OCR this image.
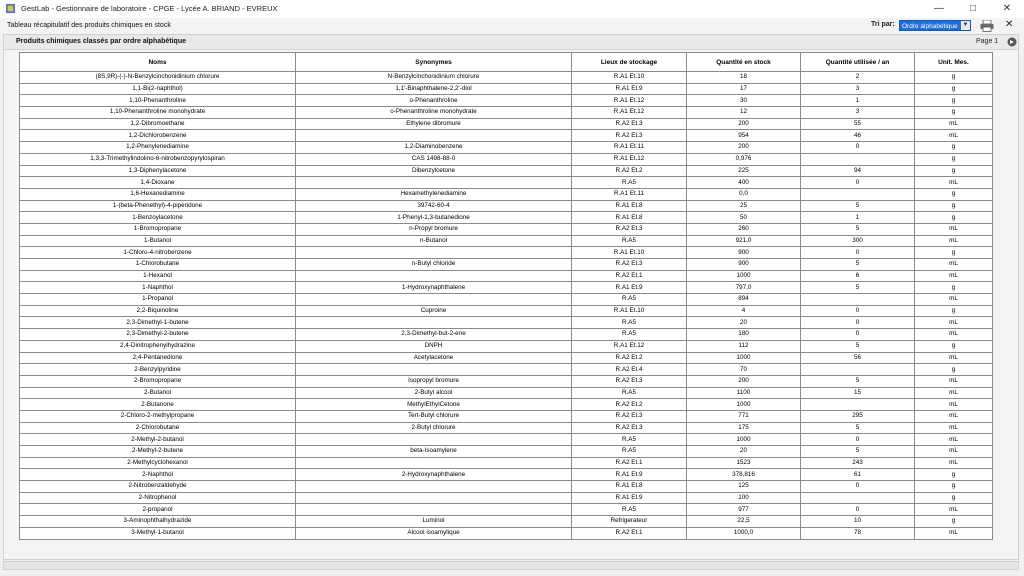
GestLab - Gestionnaire de laboratoire - CPGE - Lycée A. BRIAND - EVREUX	—	□	✕
Tableau récapitulatif des produits chimiques en stock	Tri par:	Ordre alphabétique ▼	✕
Produits chimiques classés par ordre alphabétique	Page 1
Noms	Synonymes	Lieux de stockage	Quantité en stock	Quantité utilisée / an	Unit. Mes.
(8S,9R)-(-)-N-Benzylcinchonidinium chlorure	N-Benzylcinchonidinium chlorure	R.A1 Et.10	18	2	g
1,1-Bi(2-naphthol)	1,1'-Binaphthalene-2,2'-diol	R.A1 Et.9	17	3	g
1,10-Phenanthroline	o-Phenanthroline	R.A1 Et.12	30	1	g
1,10-Phenanthroline monohydrate	o-Phenanthroline monohydrate	R.A1 Et.12	12	3	g
1,2-Dibromoethane	Ethylene dibromure	R.A2 Et.3	200	55	mL
1,2-Dichlorobenzene		R.A2 Et.3	954	46	mL
1,2-Phenylenediamine	1,2-Diaminobenzene	R.A1 Et.11	200	0	g
1,3,3-Trimethylindolino-6-nitrobenzopyrylospiran	CAS 1498-88-0	R.A1 Et.12	0,976		g
1,3-Diphenylacetone	Dibenzylcetone	R.A2 Et.2	225	94	g
1,4-Dioxane		R.A5	400	0	mL
1,6-Hexanediamine	Hexamethylenediamine	R.A1 Et.11	0,0		g
1-(beta-Phenethyl)-4-piperidone	39742-60-4	R.A1 Et.8	25	5	g
1-Benzoylacetone	1-Phenyl-1,3-butanedione	R.A1 Et.8	50	1	g
1-Bromopropane	n-Propyl bromure	R.A2 Et.3	260	5	mL
1-Butanol	n-Butanol	R.A5	921,0	300	mL
1-Chloro-4-nitrobenzene		R.A1 Et.10	900	0	g
1-Chlorobutane	n-Butyl chloride	R.A2 Et.3	900	5	mL
1-Hexanol		R.A2 Et.1	1000	6	mL
1-Naphthol	1-Hydroxynaphthalene	R.A1 Et.9	797,0	5	g
1-Propanol		R.A5	894		mL
2,2-Biquinoline	Cuproine	R.A1 Et.10	4	0	g
2,3-Dimethyl-1-butene		R.A5	20	0	mL
2,3-Dimethyl-2-butene	2,3-Dimethyl-but-2-ene	R.A5	180	0	mL
2,4-Dinitrophenylhydrazine	DNPH	R.A1 Et.12	112	5	g
2,4-Pentanedione	Acetylacetone	R.A2 Et.2	1000	56	mL
2-Benzylpyridine		R.A2 Et.4	70		g
2-Bromopropane	Isopropyl bromure	R.A2 Et.3	200	5	mL
2-Butanol	2-Butyl alcool	R.A5	1100	15	mL
2-Butanone	MethylEthylCetone	R.A2 Et.2	1000		mL
2-Chloro-2-methylpropane	Tert-Butyl chlorure	R.A2 Et.3	771	295	mL
2-Chlorobutane	2-Butyl chlorure	R.A2 Et.3	175	5	mL
2-Methyl-2-butanol		R.A5	1000	0	mL
2-Methyl-2-butene	beta-Isoamylene	R.A5	20	5	mL
2-Methylcyclohexanol		R.A2 Et.1	1523	243	mL
2-Naphthol	2-Hydroxynaphthalene	R.A1 Et.9	378,816	61	g
2-Nitrobenzaldehyde		R.A1 Et.8	125	0	g
2-Nitrophenol		R.A1 Et.9	100		g
2-propanol		R.A5	977	0	mL
3-Aminophthalhydrazide	Luminol	Refrigerateur	22,5	10	g
3-Methyl-1-butanol	Alcool isoamylique	R.A2 Et.1	1000,0	78	mL
